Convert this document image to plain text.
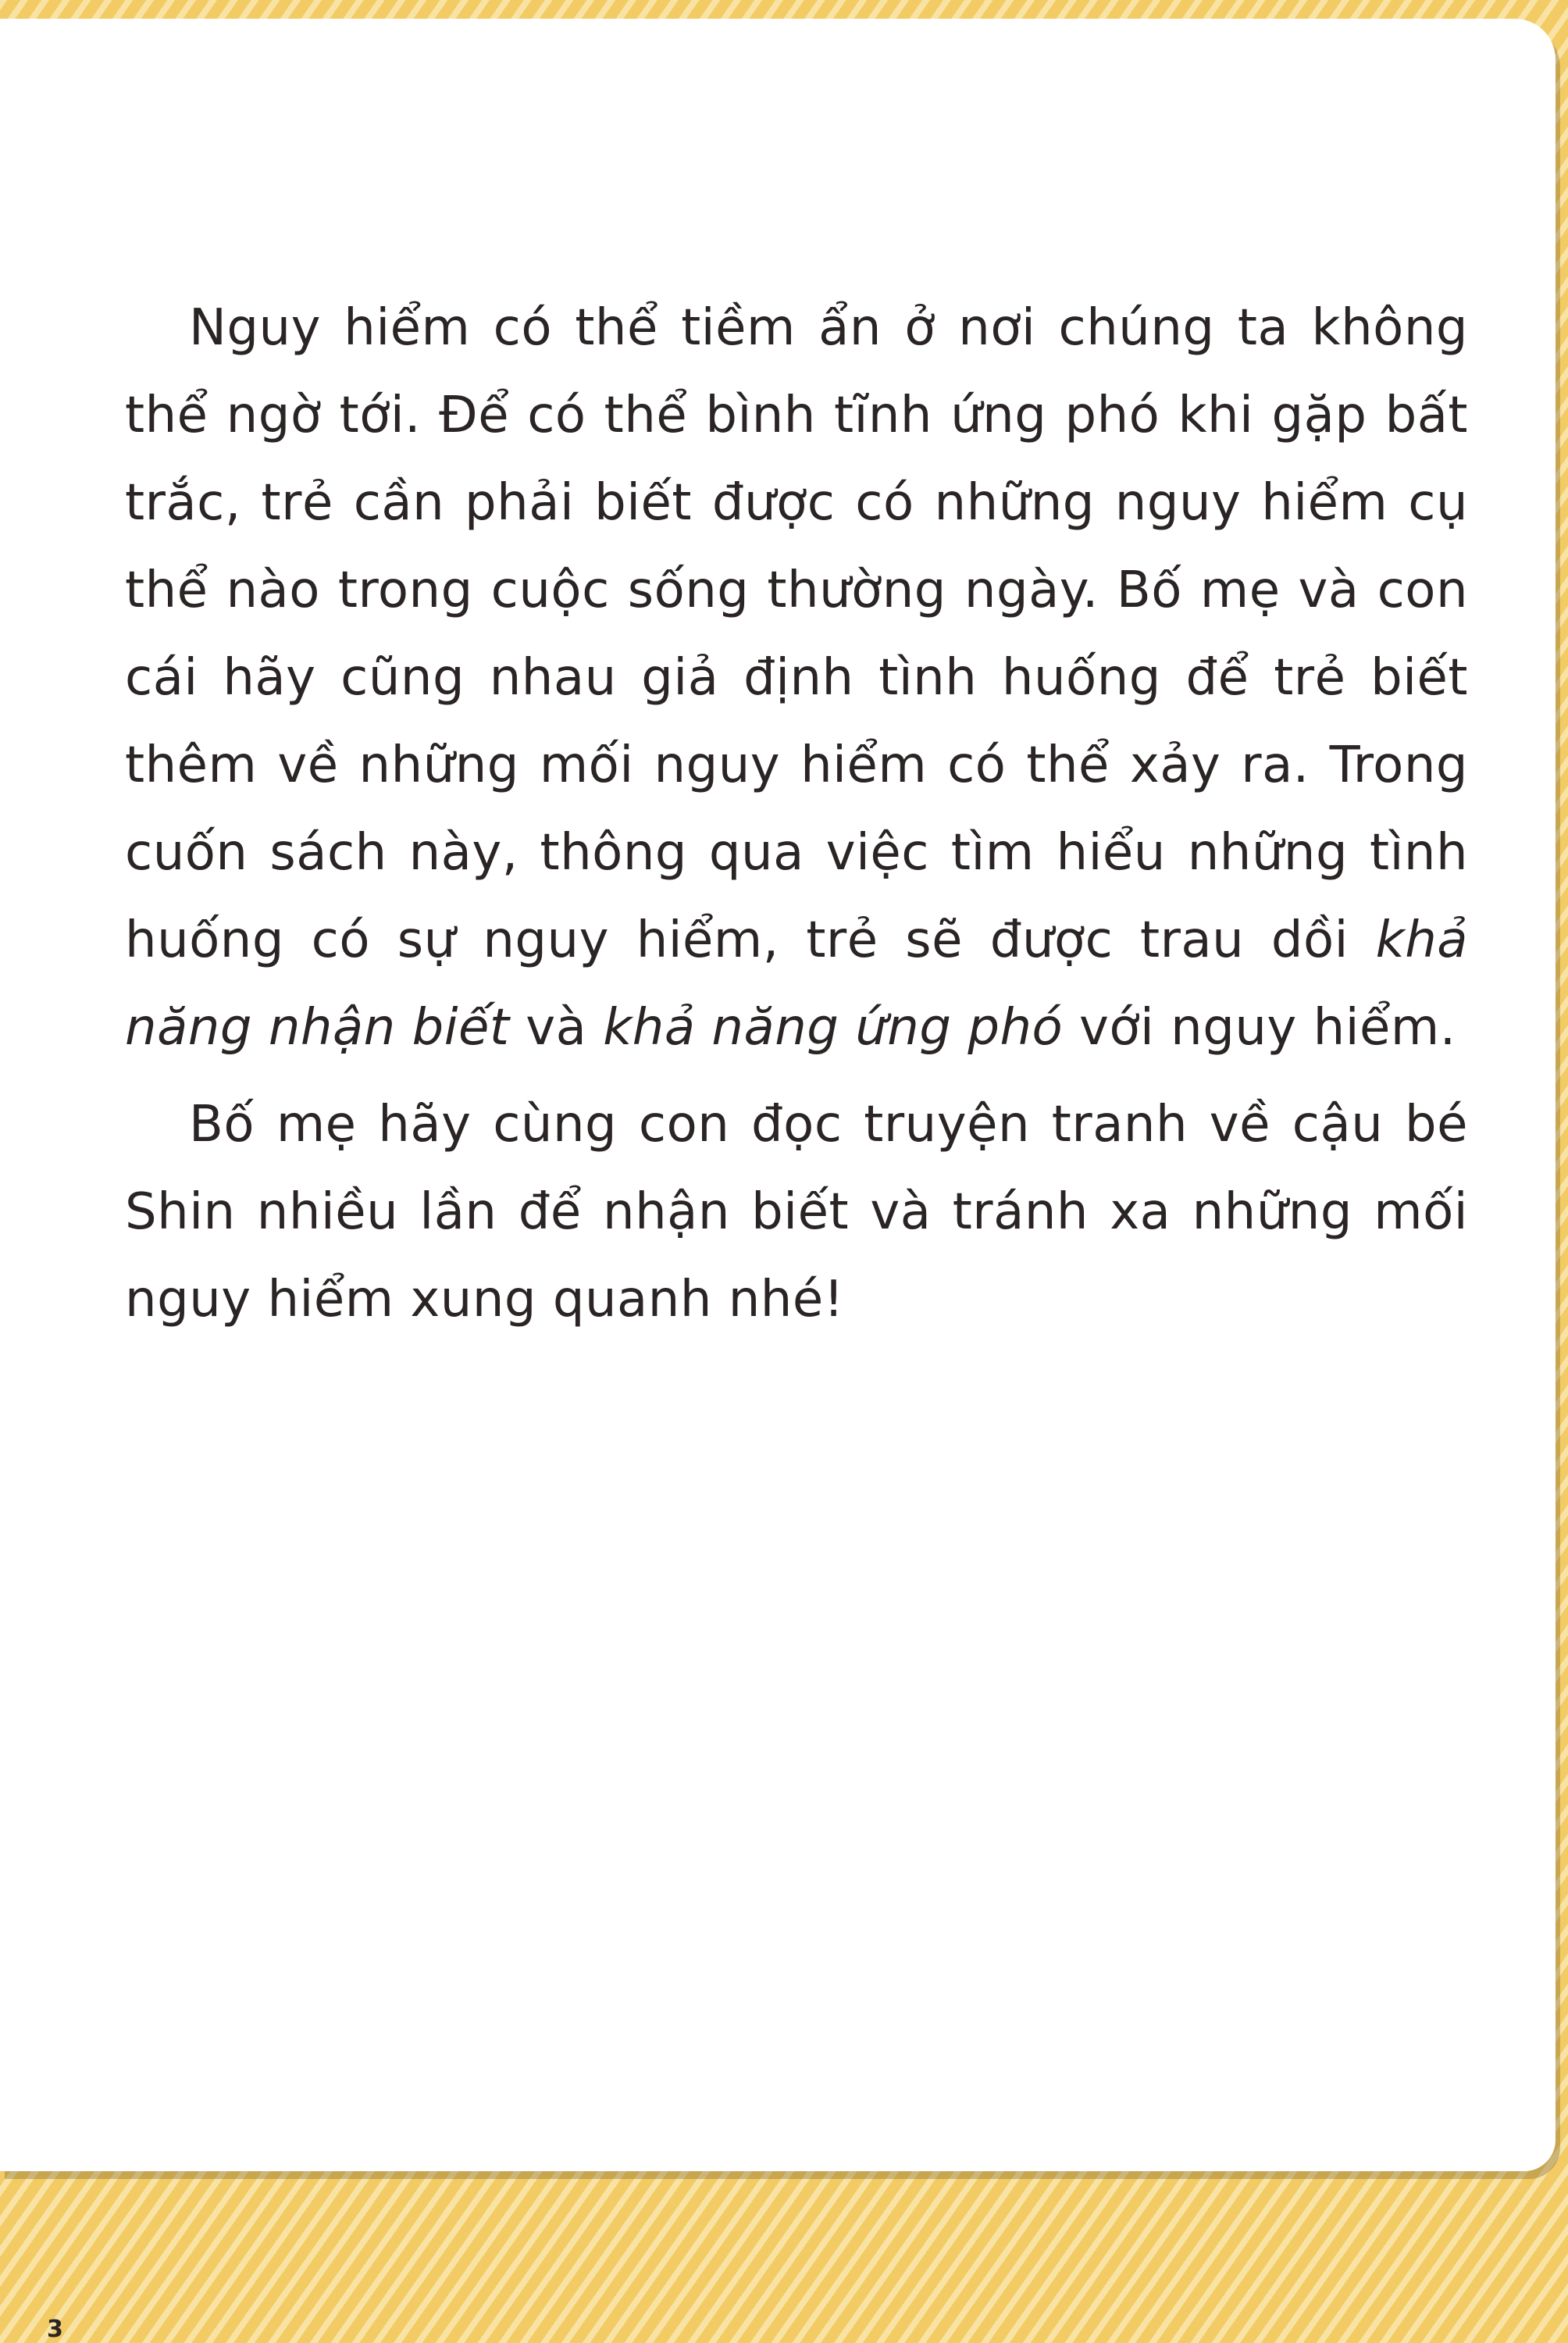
Nguy hiểm có thể tiềm ẩn ở nơi chúng ta không thể ngờ tới. Để có thể bình tĩnh ứng phó khi gặp bất trắc, trẻ cần phải biết được có những nguy hiểm cụ thể nào trong cuộc sống thường ngày. Bố mẹ và con cái hãy cũng nhau giả định tình huống để trẻ biết thêm về những mối nguy hiểm có thể xảy ra. Trong cuốn sách này, thông qua việc tìm hiểu những tình huống có sự nguy hiểm, trẻ sẽ được trau dồi khả năng nhận biết và khả năng ứng phó với nguy hiểm.

Bố mẹ hãy cùng con đọc truyện tranh về cậu bé Shin nhiều lần để nhận biết và tránh xa những mối nguy hiểm xung quanh nhé!

3
